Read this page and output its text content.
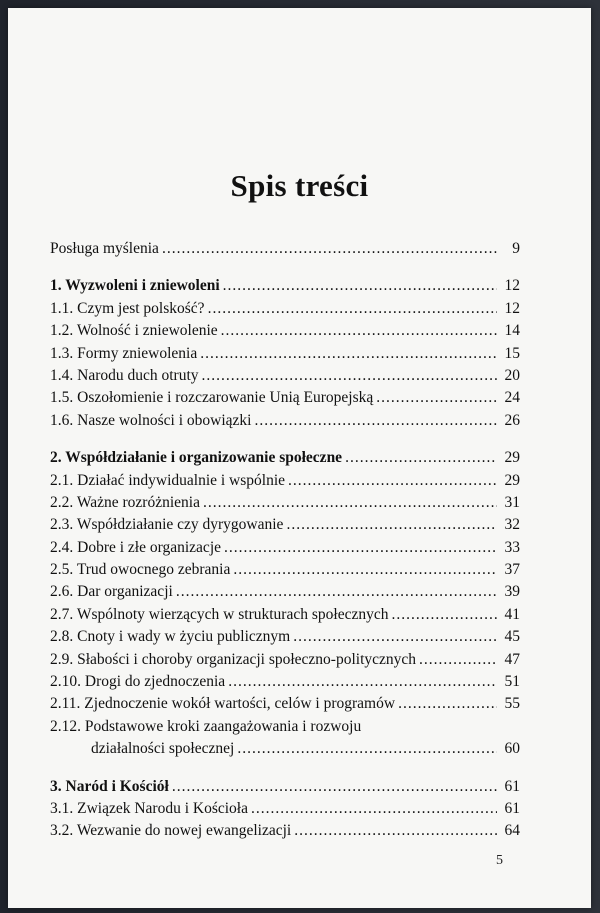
Spis treści
Posługa myślenia .....	9
1. Wyzwoleni i zniewoleni .....	12
1.1. Czym jest polskość? .....	12
1.2. Wolność i zniewolenie .....	14
1.3. Formy zniewolenia .....	15
1.4. Narodu duch otruty .....	20
1.5. Oszołomienie i rozczarowanie Unią Europejską .....	24
1.6. Nasze wolności i obowiązki .....	26
2. Współdziałanie i organizowanie społeczne .....	29
2.1. Działać indywidualnie i wspólnie .....	29
2.2. Ważne rozróżnienia .....	31
2.3. Współdziałanie czy dyrygowanie .....	32
2.4. Dobre i złe organizacje .....	33
2.5. Trud owocnego zebrania .....	37
2.6. Dar organizacji .....	39
2.7. Wspólnoty wierzących w strukturach społecznych .....	41
2.8. Cnoty i wady w życiu publicznym .....	45
2.9. Słabości i choroby organizacji społeczno-politycznych .....	47
2.10. Drogi do zjednoczenia .....	51
2.11. Zjednoczenie wokół wartości, celów i programów .....	55
2.12. Podstawowe kroki zaangażowania i rozwoju
działalności społecznej .....	60
3. Naród i Kościół .....	61
3.1. Związek Narodu i Kościoła .....	61
3.2. Wezwanie do nowej ewangelizacji .....	64
5
